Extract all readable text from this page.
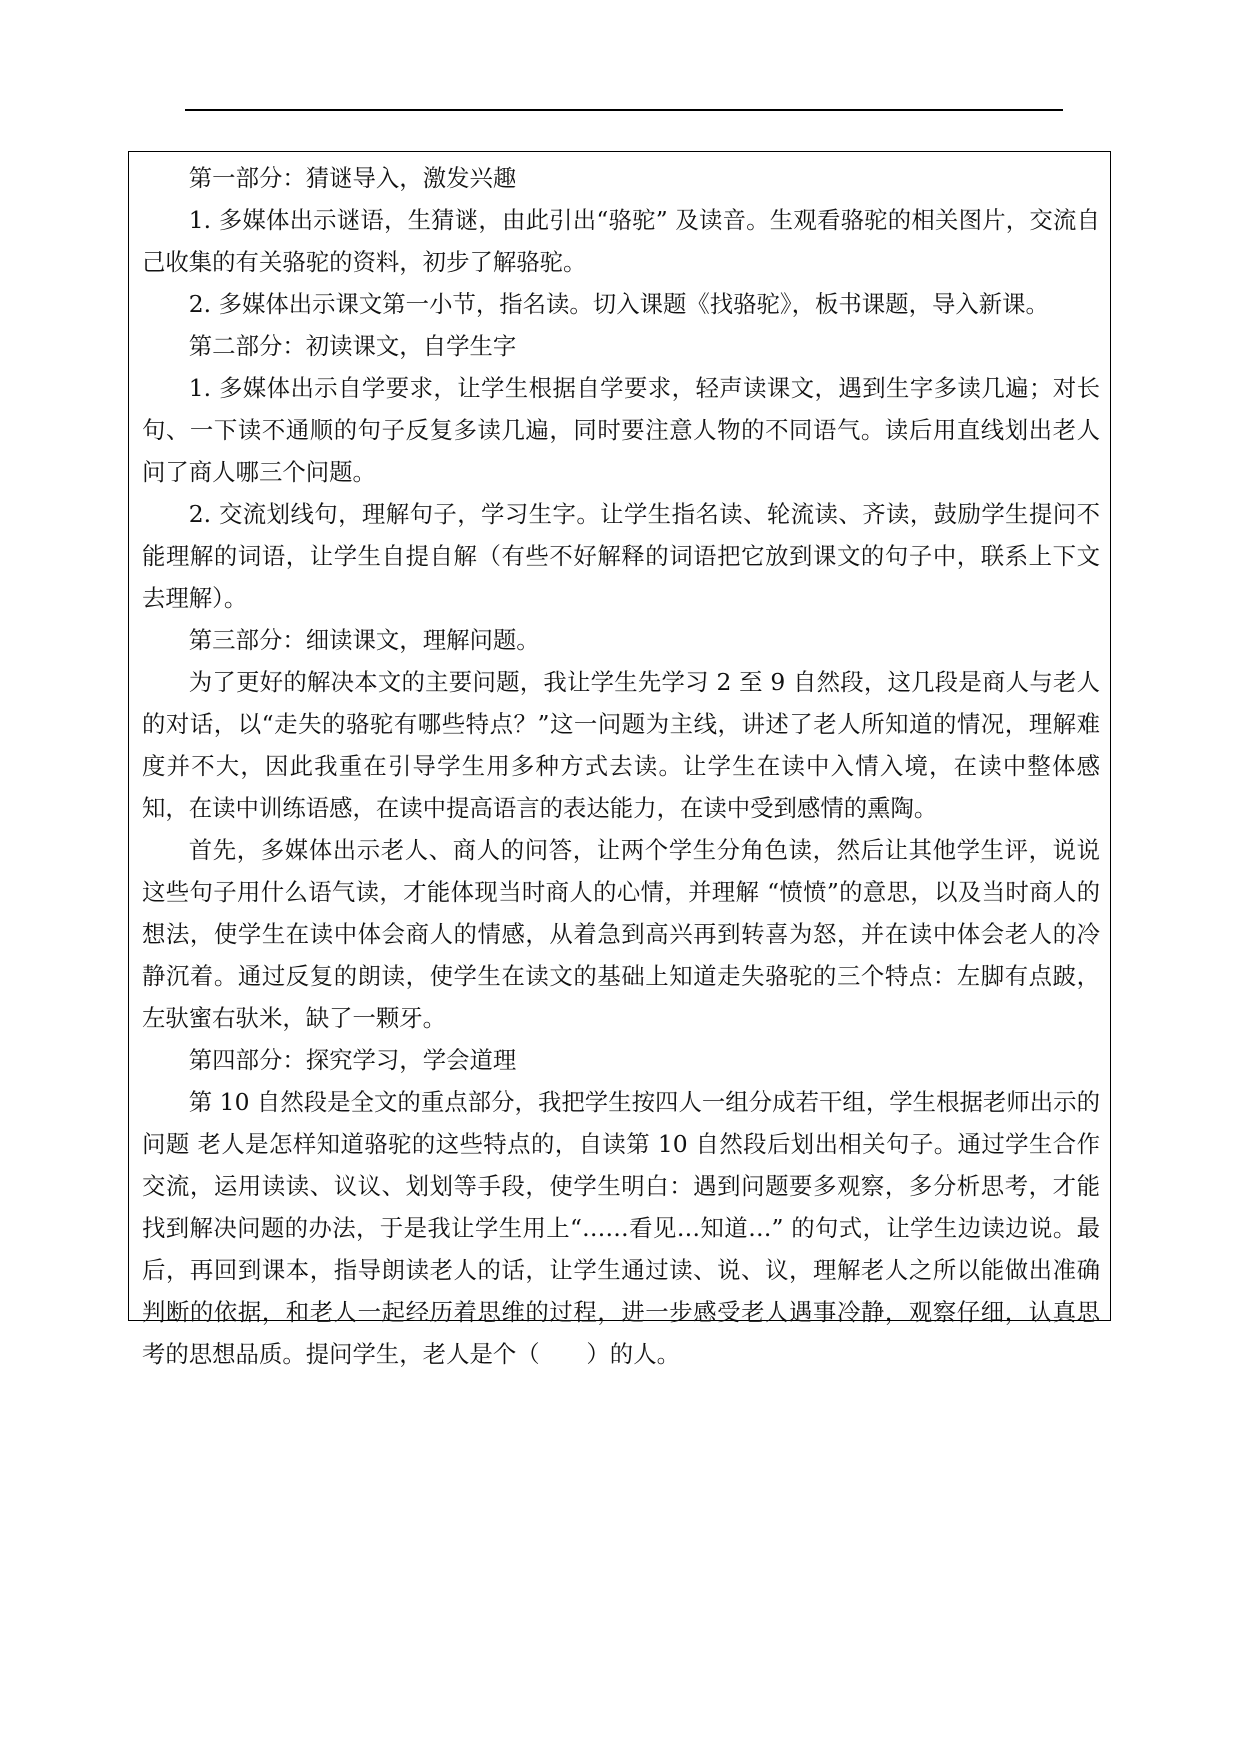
第一部分：猜谜导入，激发兴趣

1. 多媒体出示谜语，生猜谜，由此引出“骆驼” 及读音。生观看骆驼的相关图片，交流自己收集的有关骆驼的资料，初步了解骆驼。

2. 多媒体出示课文第一小节，指名读。切入课题《找骆驼》，板书课题，导入新课。

第二部分：初读课文，自学生字

1. 多媒体出示自学要求，让学生根据自学要求，轻声读课文，遇到生字多读几遍；对长句、一下读不通顺的句子反复多读几遍，同时要注意人物的不同语气。读后用直线划出老人问了商人哪三个问题。

2. 交流划线句，理解句子，学习生字。让学生指名读、轮流读、齐读，鼓励学生提问不能理解的词语，让学生自提自解（有些不好解释的词语把它放到课文的句子中，联系上下文去理解）。

第三部分：细读课文，理解问题。

为了更好的解决本文的主要问题，我让学生先学习 2 至 9 自然段，这几段是商人与老人的对话，以“走失的骆驼有哪些特点？”这一问题为主线，讲述了老人所知道的情况，理解难度并不大，因此我重在引导学生用多种方式去读。让学生在读中入情入境，在读中整体感知，在读中训练语感，在读中提高语言的表达能力，在读中受到感情的熏陶。

首先，多媒体出示老人、商人的问答，让两个学生分角色读，然后让其他学生评，说说这些句子用什么语气读，才能体现当时商人的心情，并理解 “愤愤”的意思，以及当时商人的想法，使学生在读中体会商人的情感，从着急到高兴再到转喜为怒，并在读中体会老人的冷静沉着。通过反复的朗读，使学生在读文的基础上知道走失骆驼的三个特点：左脚有点跛，左驮蜜右驮米，缺了一颗牙。

第四部分：探究学习，学会道理

第 10 自然段是全文的重点部分，我把学生按四人一组分成若干组，学生根据老师出示的问题 老人是怎样知道骆驼的这些特点的，自读第 10 自然段后划出相关句子。通过学生合作交流，运用读读、议议、划划等手段，使学生明白：遇到问题要多观察，多分析思考，才能找到解决问题的办法，于是我让学生用上“……看见…知道…” 的句式，让学生边读边说。最后，再回到课本，指导朗读老人的话，让学生通过读、说、议，理解老人之所以能做出准确判断的依据，和老人一起经历着思维的过程，进一步感受老人遇事冷静，观察仔细，认真思考的思想品质。提问学生，老人是个（　　）的人。
